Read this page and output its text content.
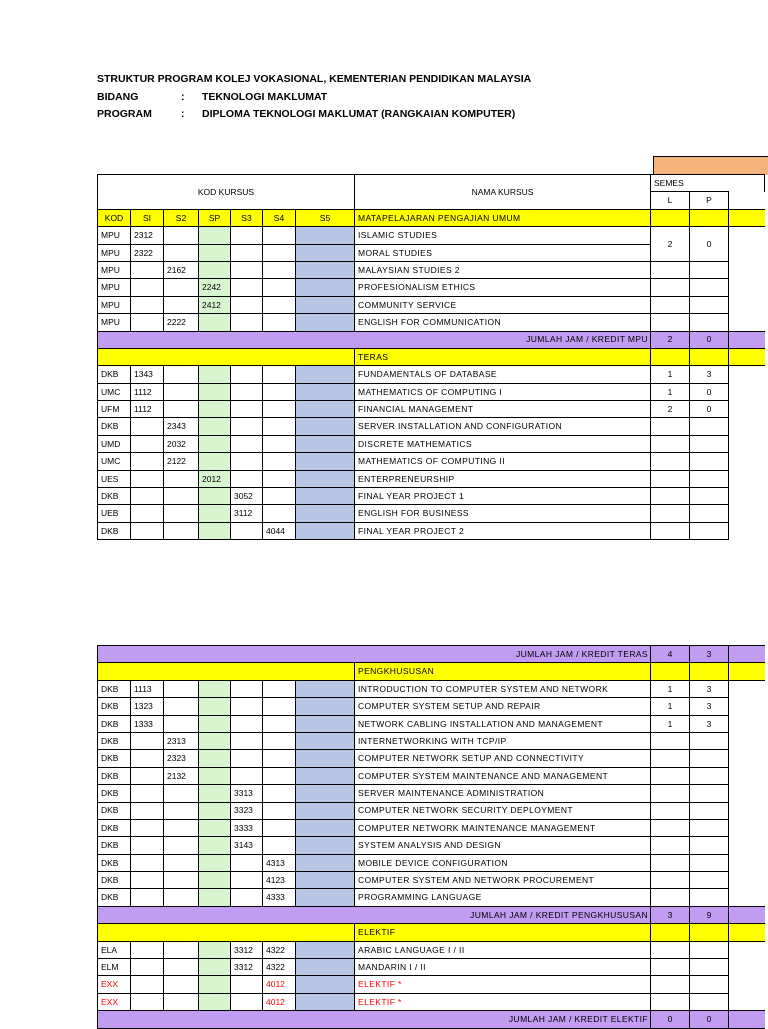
STRUKTUR PROGRAM KOLEJ VOKASIONAL, KEMENTERIAN PENDIDIKAN MALAYSIA
BIDANG	:	TEKNOLOGI MAKLUMAT
PROGRAM	:	DIPLOMA TEKNOLOGI MAKLUMAT (RANGKAIAN KOMPUTER)
KOD KURSUS							NAMA KURSUS	SEMES		
								L	P	
KOD	SI	S2	SP	S3	S4	S5	MATAPELAJARAN PENGAJIAN UMUM			
MPU	2312						ISLAMIC STUDIES	2	0	
MPU	2322						MORAL STUDIES			
MPU		2162					MALAYSIAN STUDIES 2			
MPU			2242				PROFESIONALISM ETHICS			
MPU			2412				COMMUNITY SERVICE			
MPU		2222					ENGLISH FOR COMMUNICATION			
JUMLAH JAM / KREDIT MPU								2	0	
							TERAS			
DKB	1343						FUNDAMENTALS OF DATABASE	1	3	
UMC	1112						MATHEMATICS OF COMPUTING I	1	0	
UFM	1112						FINANCIAL MANAGEMENT	2	0	
DKB		2343					SERVER INSTALLATION AND CONFIGURATION			
UMD		2032					DISCRETE MATHEMATICS			
UMC		2122					MATHEMATICS OF COMPUTING II			
UES			2012				ENTERPRENEURSHIP			
DKB				3052			FINAL YEAR PROJECT 1			
UEB				3112			ENGLISH FOR BUSINESS			
DKB					4044		FINAL YEAR PROJECT 2			
JUMLAH JAM / KREDIT TERAS								4	3	
							PENGKHUSUSAN			
DKB	1113						INTRODUCTION TO COMPUTER SYSTEM AND NETWORK	1	3	
DKB	1323						COMPUTER SYSTEM SETUP AND REPAIR	1	3	
DKB	1333						NETWORK CABLING INSTALLATION AND MANAGEMENT	1	3	
DKB		2313					INTERNETWORKING WITH TCP/IP			
DKB		2323					COMPUTER NETWORK SETUP AND CONNECTIVITY			
DKB		2132					COMPUTER SYSTEM MAINTENANCE AND MANAGEMENT			
DKB				3313			SERVER MAINTENANCE ADMINISTRATION			
DKB				3323			COMPUTER NETWORK SECURITY DEPLOYMENT			
DKB				3333			COMPUTER NETWORK MAINTENANCE MANAGEMENT			
DKB				3143			SYSTEM ANALYSIS AND DESIGN			
DKB					4313		MOBILE DEVICE CONFIGURATION			
DKB					4123		COMPUTER SYSTEM AND NETWORK PROCUREMENT			
DKB					4333		PROGRAMMING LANGUAGE			
JUMLAH JAM / KREDIT PENGKHUSUSAN								3	9	
							ELEKTIF			
ELA				3312	4322		ARABIC LANGUAGE I / II			
ELM				3312	4322		MANDARIN I / II			
EXX					4012		ELEKTIF *			
EXX					4012		ELEKTIF *			
JUMLAH JAM / KREDIT ELEKTIF								0	0	
